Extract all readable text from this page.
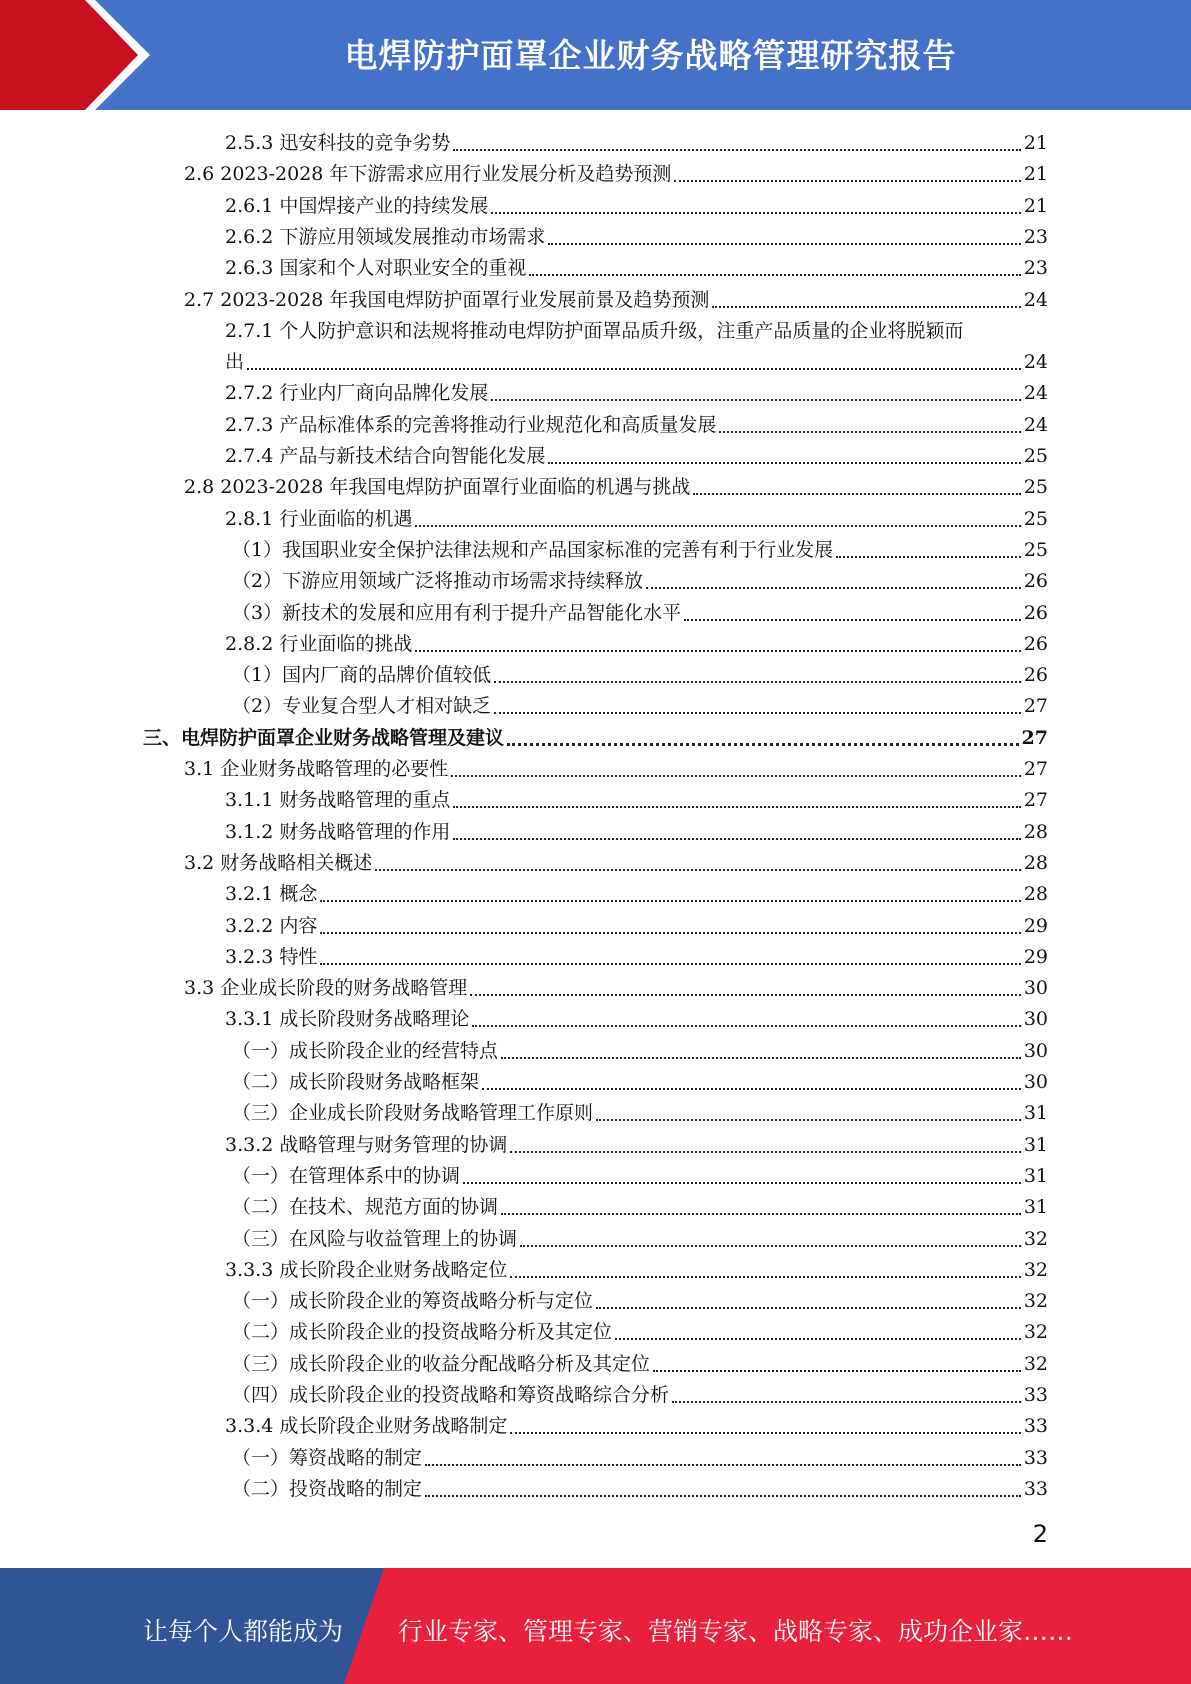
电焊防护面罩企业财务战略管理研究报告
2.5.3 迅安科技的竞争劣势	21
2.6 2023-2028 年下游需求应用行业发展分析及趋势预测	21
2.6.1 中国焊接产业的持续发展	21
2.6.2 下游应用领域发展推动市场需求	23
2.6.3 国家和个人对职业安全的重视	23
2.7 2023-2028 年我国电焊防护面罩行业发展前景及趋势预测	24
2.7.1 个人防护意识和法规将推动电焊防护面罩品质升级，注重产品质量的企业将脱颖而
出	24
2.7.2 行业内厂商向品牌化发展	24
2.7.3 产品标准体系的完善将推动行业规范化和高质量发展	24
2.7.4 产品与新技术结合向智能化发展	25
2.8 2023-2028 年我国电焊防护面罩行业面临的机遇与挑战	25
2.8.1 行业面临的机遇	25
（1）我国职业安全保护法律法规和产品国家标准的完善有利于行业发展	25
（2）下游应用领域广泛将推动市场需求持续释放	26
（3）新技术的发展和应用有利于提升产品智能化水平	26
2.8.2 行业面临的挑战	26
（1）国内厂商的品牌价值较低	26
（2）专业复合型人才相对缺乏	27
三、电焊防护面罩企业财务战略管理及建议	27
3.1 企业财务战略管理的必要性	27
3.1.1 财务战略管理的重点	27
3.1.2 财务战略管理的作用	28
3.2 财务战略相关概述	28
3.2.1 概念	28
3.2.2 内容	29
3.2.3 特性	29
3.3 企业成长阶段的财务战略管理	30
3.3.1 成长阶段财务战略理论	30
（一）成长阶段企业的经营特点	30
（二）成长阶段财务战略框架	30
（三）企业成长阶段财务战略管理工作原则	31
3.3.2 战略管理与财务管理的协调	31
（一）在管理体系中的协调	31
（二）在技术、规范方面的协调	31
（三）在风险与收益管理上的协调	32
3.3.3 成长阶段企业财务战略定位	32
（一）成长阶段企业的筹资战略分析与定位	32
（二）成长阶段企业的投资战略分析及其定位	32
（三）成长阶段企业的收益分配战略分析及其定位	32
（四）成长阶段企业的投资战略和筹资战略综合分析	33
3.3.4 成长阶段企业财务战略制定	33
（一）筹资战略的制定	33
（二）投资战略的制定	33
2
让每个人都能成为 行业专家、管理专家、营销专家、战略专家、成功企业家……
